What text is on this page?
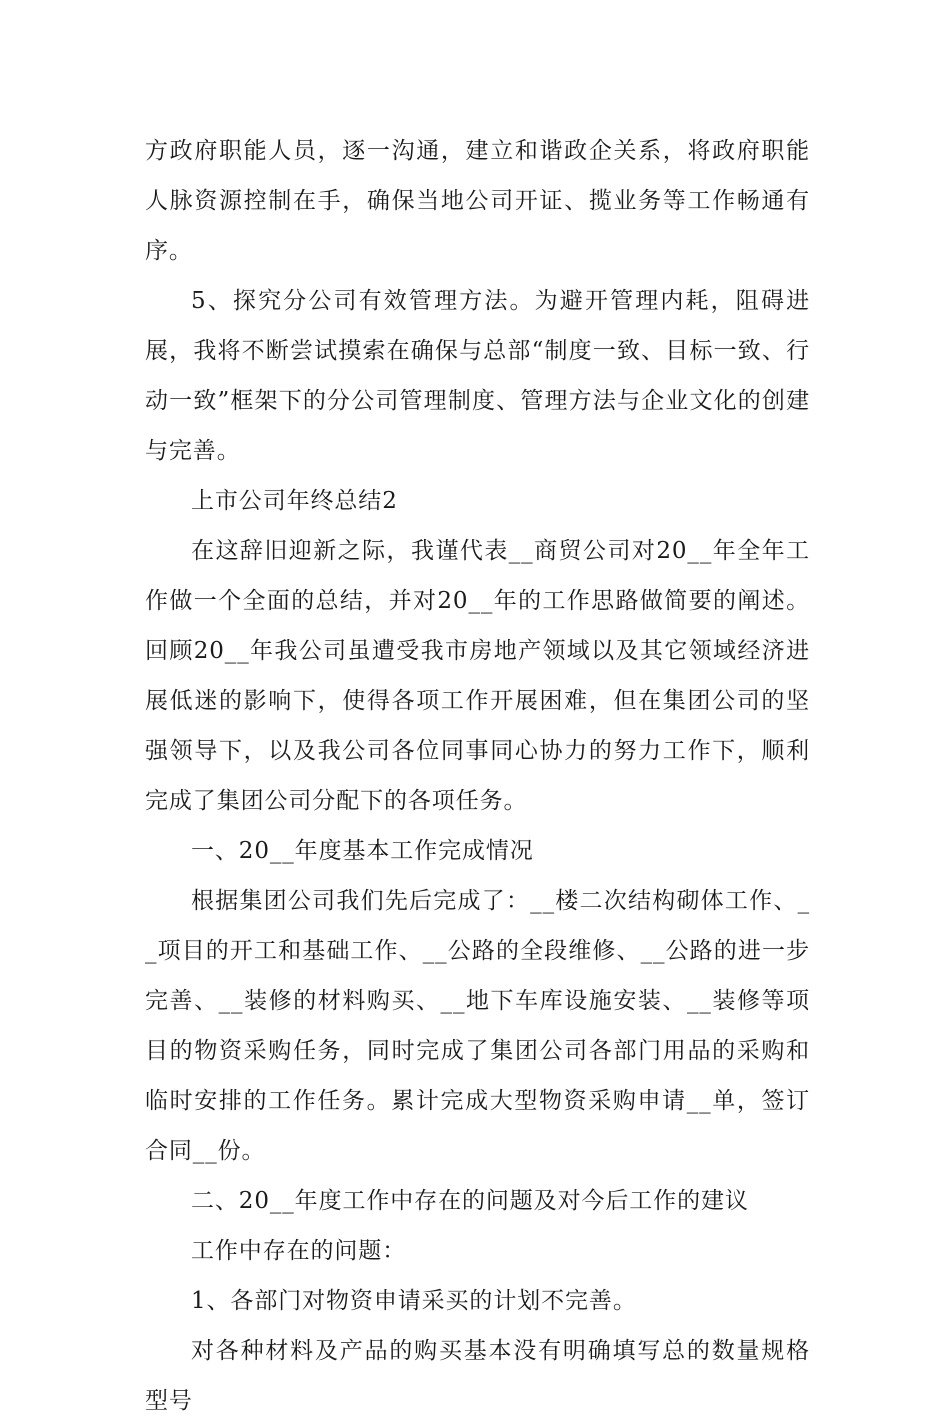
方政府职能人员，逐一沟通，建立和谐政企关系，将政府职能人脉资源控制在手，确保当地公司开证、揽业务等工作畅通有序。

5、探究分公司有效管理方法。为避开管理内耗，阻碍进展，我将不断尝试摸索在确保与总部“制度一致、目标一致、行动一致”框架下的分公司管理制度、管理方法与企业文化的创建与完善。

上市公司年终总结2

在这辞旧迎新之际，我谨代表__商贸公司对20__年全年工作做一个全面的总结，并对20__年的工作思路做简要的阐述。回顾20__年我公司虽遭受我市房地产领域以及其它领域经济进展低迷的影响下，使得各项工作开展困难，但在集团公司的坚强领导下，以及我公司各位同事同心协力的努力工作下，顺利完成了集团公司分配下的各项任务。

一、20__年度基本工作完成情况

根据集团公司我们先后完成了：__楼二次结构砌体工作、__项目的开工和基础工作、__公路的全段维修、__公路的进一步完善、__装修的材料购买、__地下车库设施安装、__装修等项目的物资采购任务，同时完成了集团公司各部门用品的采购和临时安排的工作任务。累计完成大型物资采购申请__单，签订合同__份。

二、20__年度工作中存在的问题及对今后工作的建议

工作中存在的问题：

1、各部门对物资申请采买的计划不完善。

对各种材料及产品的购买基本没有明确填写总的数量规格型号
